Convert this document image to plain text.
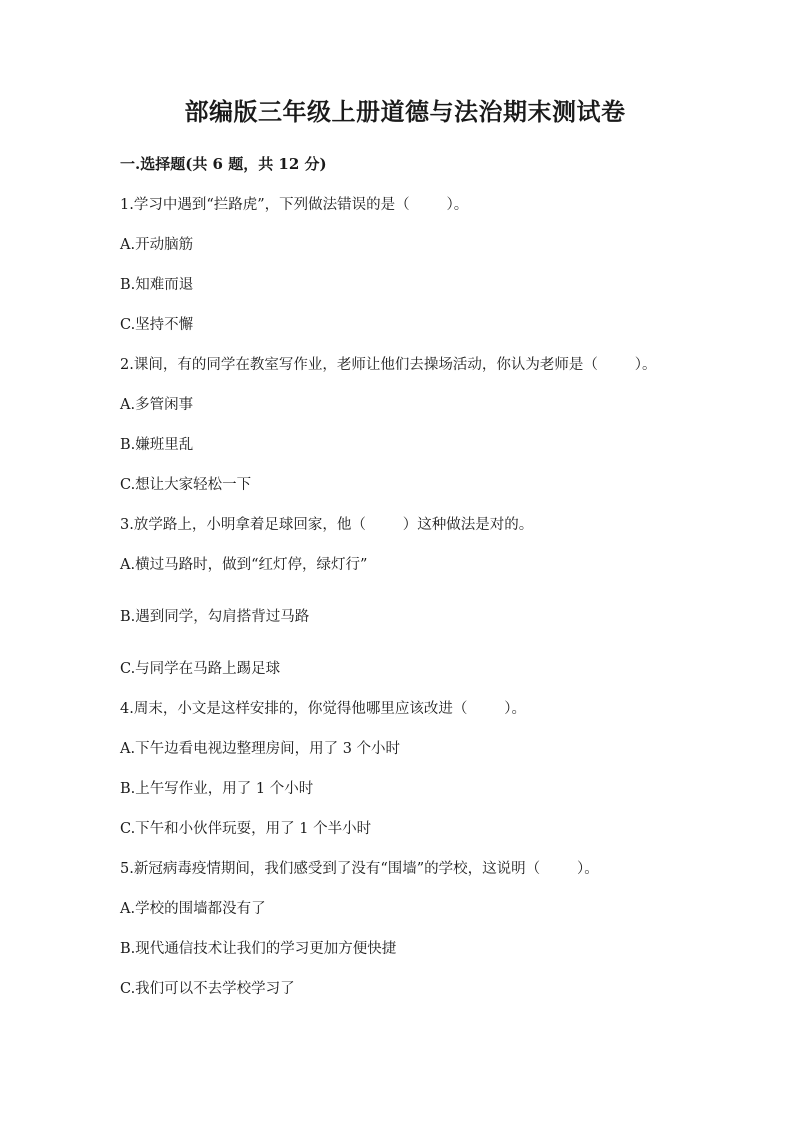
部编版三年级上册道德与法治期末测试卷
一.选择题(共 6 题，共 12 分)
1.学习中遇到“拦路虎”，下列做法错误的是（        ）。
A.开动脑筋
B.知难而退
C.坚持不懈
2.课间，有的同学在教室写作业，老师让他们去操场活动，你认为老师是（        ）。
A.多管闲事
B.嫌班里乱
C.想让大家轻松一下
3.放学路上，小明拿着足球回家，他（        ）这种做法是对的。
A.横过马路时，做到“红灯停，绿灯行”
B.遇到同学，勾肩搭背过马路
C.与同学在马路上踢足球
4.周末，小文是这样安排的，你觉得他哪里应该改进（        ）。
A.下午边看电视边整理房间，用了 3 个小时
B.上午写作业，用了 1 个小时
C.下午和小伙伴玩耍，用了 1 个半小时
5.新冠病毒疫情期间，我们感受到了没有“围墙”的学校，这说明（        ）。
A.学校的围墙都没有了
B.现代通信技术让我们的学习更加方便快捷
C.我们可以不去学校学习了
